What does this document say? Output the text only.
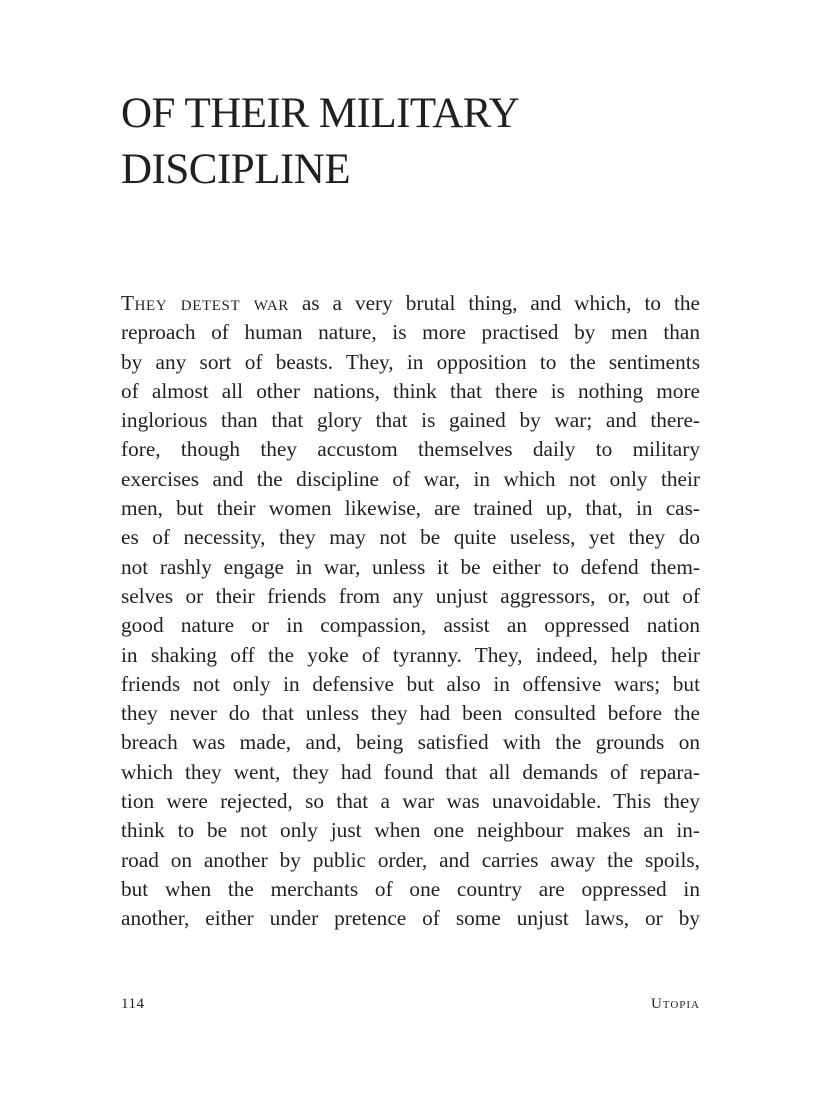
OF THEIR MILITARY
DISCIPLINE
They detest war as a very brutal thing, and which, to the
reproach of human nature, is more practised by men than
by any sort of beasts. They, in opposition to the sentiments
of almost all other nations, think that there is nothing more
inglorious than that glory that is gained by war; and there-
fore, though they accustom themselves daily to military
exercises and the discipline of war, in which not only their
men, but their women likewise, are trained up, that, in cas-
es of necessity, they may not be quite useless, yet they do
not rashly engage in war, unless it be either to defend them-
selves or their friends from any unjust aggressors, or, out of
good nature or in compassion, assist an oppressed nation
in shaking off the yoke of tyranny. They, indeed, help their
friends not only in defensive but also in offensive wars; but
they never do that unless they had been consulted before the
breach was made, and, being satisfied with the grounds on
which they went, they had found that all demands of repara-
tion were rejected, so that a war was unavoidable. This they
think to be not only just when one neighbour makes an in-
road on another by public order, and carries away the spoils,
but when the merchants of one country are oppressed in
another, either under pretence of some unjust laws, or by
114	Utopia
